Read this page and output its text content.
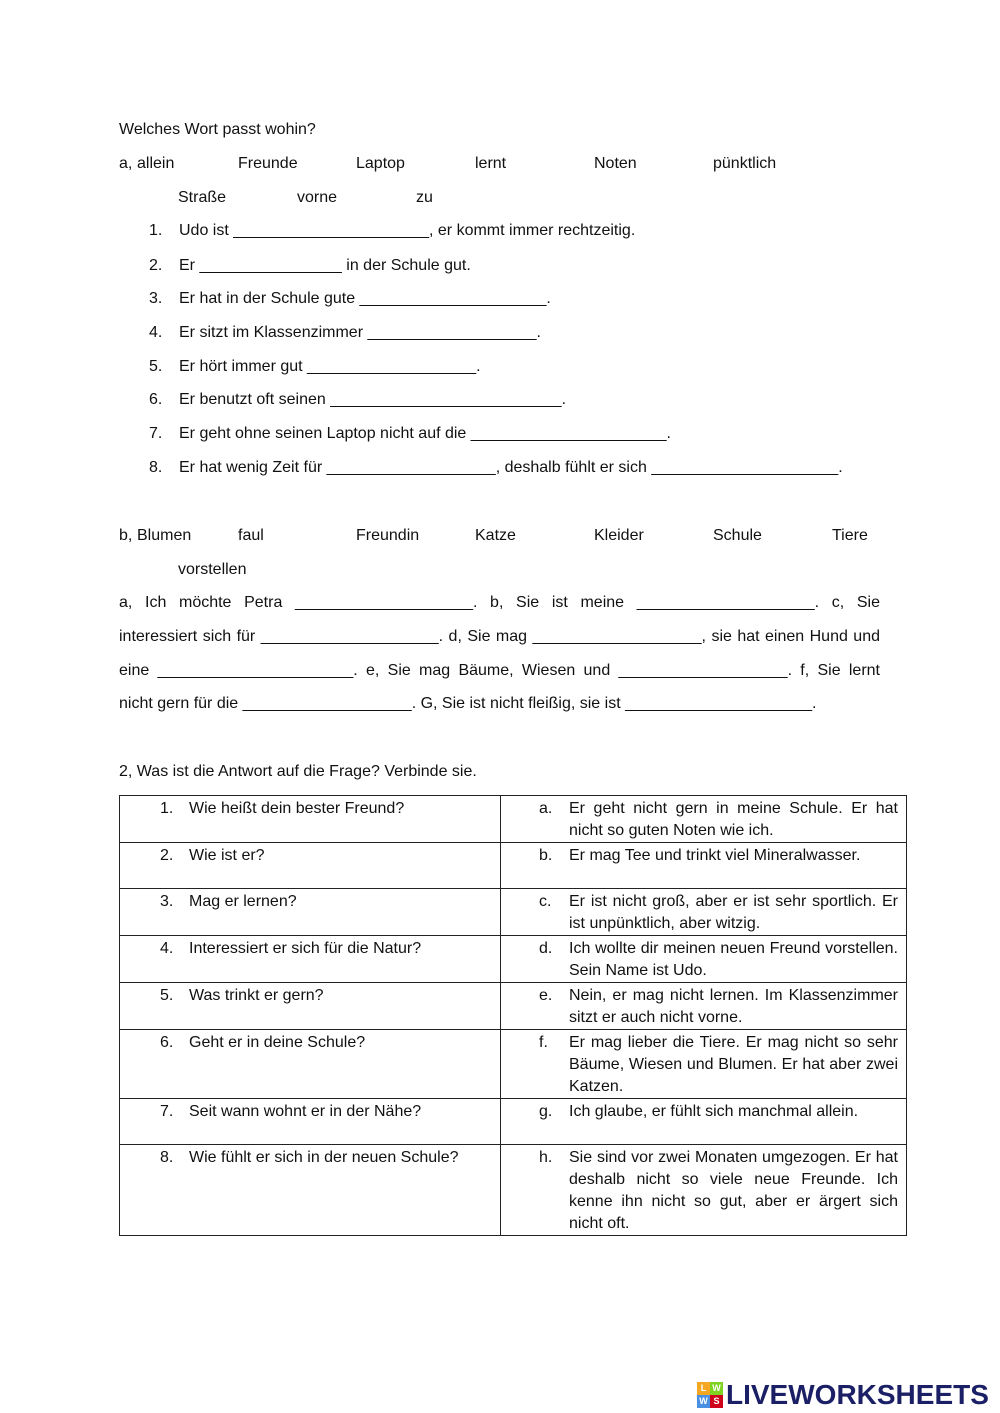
Welches Wort passt wohin?
a, allein	Freunde	Laptop	lernt	Noten	pünktlich
Straße	vorne	zu
1. Udo ist ______________________, er kommt immer rechtzeitig.
2. Er ________________ in der Schule gut.
3. Er hat in der Schule gute _____________________.
4. Er sitzt im Klassenzimmer ___________________.
5. Er hört immer gut ___________________.
6. Er benutzt oft seinen __________________________.
7. Er geht ohne seinen Laptop nicht auf die ______________________.
8. Er hat wenig Zeit für ___________________, deshalb fühlt er sich _____________________.
b, Blumen	faul	Freundin	Katze	Kleider	Schule	Tiere
vorstellen
a, Ich möchte Petra ____________________. b, Sie ist meine ____________________. c, Sie
interessiert sich für ____________________. d, Sie mag ___________________, sie hat einen Hund und
eine ______________________. e, Sie mag Bäume, Wiesen und ___________________. f, Sie lernt
nicht gern für die ___________________. G, Sie ist nicht fleißig, sie ist _____________________.
2, Was ist die Antwort auf die Frage? Verbinde sie.
1. Wie heißt dein bester Freund?	a. Er geht nicht gern in meine Schule. Er hat nicht so guten Noten wie ich.

2. Wie ist er?	b. Er mag Tee und trinkt viel Mineralwasser.

3. Mag er lernen?	c. Er ist nicht groß, aber er ist sehr sportlich. Er ist unpünktlich, aber witzig.

4. Interessiert er sich für die Natur?	d. Ich wollte dir meinen neuen Freund vorstellen. Sein Name ist Udo.

5. Was trinkt er gern?	e. Nein, er mag nicht lernen. Im Klassenzimmer sitzt er auch nicht vorne.

6. Geht er in deine Schule?	f. Er mag lieber die Tiere. Er mag nicht so sehr Bäume, Wiesen und Blumen. Er hat aber zwei Katzen.

7. Seit wann wohnt er in der Nähe?	g. Ich glaube, er fühlt sich manchmal allein.

8. Wie fühlt er sich in der neuen Schule?	h. Sie sind vor zwei Monaten umgezogen. Er hat deshalb nicht so viele neue Freunde. Ich kenne ihn nicht so gut, aber er ärgert sich nicht oft.
L W
W S LIVEWORKSHEETS
